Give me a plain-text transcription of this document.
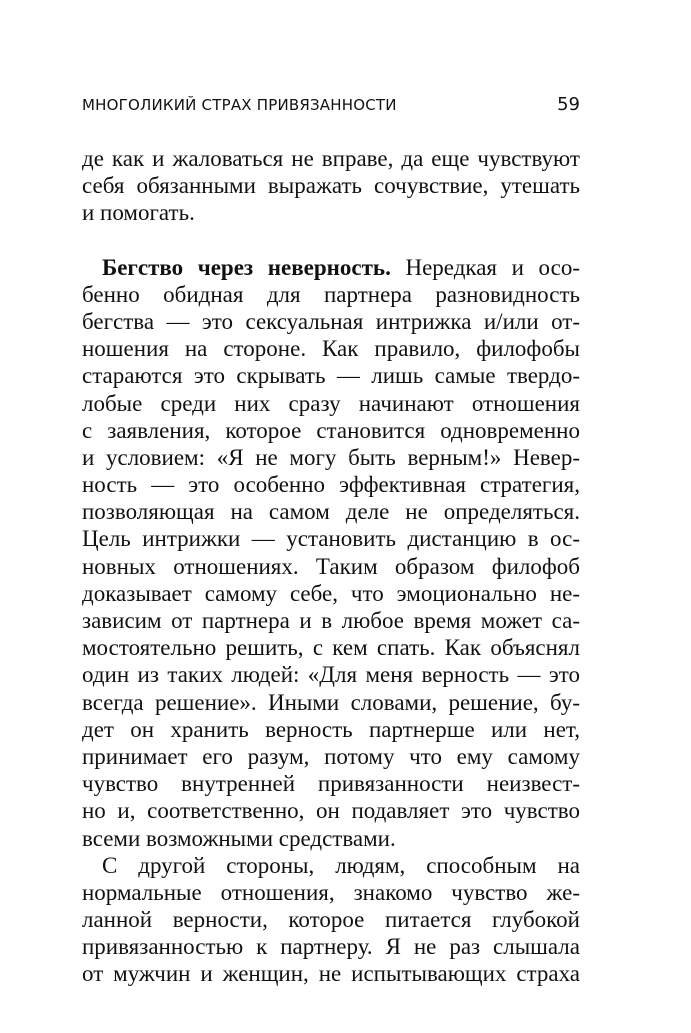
МНОГОЛИКИЙ СТРАХ ПРИВЯЗАННОСТИ	59
де как и жаловаться не вправе, да еще чувствуют
себя обязанными выражать сочувствие, утешать
и помогать.
Бегство через неверность. Нередкая и осо-
бенно обидная для партнера разновидность
бегства — это сексуальная интрижка и/или от-
ношения на стороне. Как правило, филофобы
стараются это скрывать — лишь самые твердо-
лобые среди них сразу начинают отношения
с заявления, которое становится одновременно
и условием: «Я не могу быть верным!» Невер-
ность — это особенно эффективная стратегия,
позволяющая на самом деле не определяться.
Цель интрижки — установить дистанцию в ос-
новных отношениях. Таким образом филофоб
доказывает самому себе, что эмоционально не-
зависим от партнера и в любое время может са-
мостоятельно решить, с кем спать. Как объяснял
один из таких людей: «Для меня верность — это
всегда решение». Иными словами, решение, бу-
дет он хранить верность партнерше или нет,
принимает его разум, потому что ему самому
чувство внутренней привязанности неизвест-
но и, соответственно, он подавляет это чувство
всеми возможными средствами.
С другой стороны, людям, способным на
нормальные отношения, знакомо чувство же-
ланной верности, которое питается глубокой
привязанностью к партнеру. Я не раз слышала
от мужчин и женщин, не испытывающих страха
